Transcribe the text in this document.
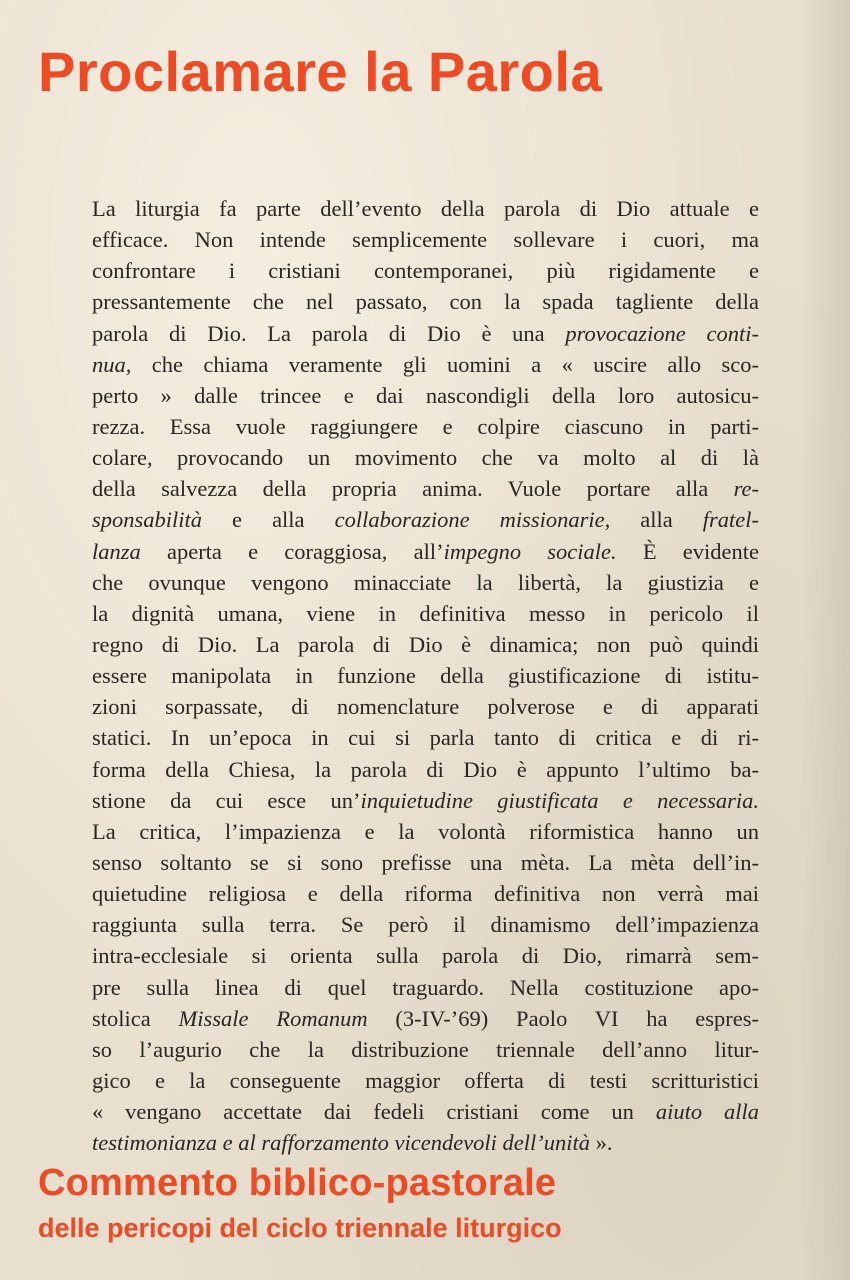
Proclamare la Parola
La liturgia fa parte dell’evento della parola di Dio attuale e
efficace. Non intende semplicemente sollevare i cuori, ma
confrontare i cristiani contemporanei, più rigidamente e
pressantemente che nel passato, con la spada tagliente della
parola di Dio. La parola di Dio è una provocazione conti-
nua, che chiama veramente gli uomini a « uscire allo sco-
perto » dalle trincee e dai nascondigli della loro autosicu-
rezza. Essa vuole raggiungere e colpire ciascuno in parti-
colare, provocando un movimento che va molto al di là
della salvezza della propria anima. Vuole portare alla re-
sponsabilità e alla collaborazione missionarie, alla fratel-
lanza aperta e coraggiosa, all’impegno sociale. È evidente
che ovunque vengono minacciate la libertà, la giustizia e
la dignità umana, viene in definitiva messo in pericolo il
regno di Dio. La parola di Dio è dinamica; non può quindi
essere manipolata in funzione della giustificazione di istitu-
zioni sorpassate, di nomenclature polverose e di apparati
statici. In un’epoca in cui si parla tanto di critica e di ri-
forma della Chiesa, la parola di Dio è appunto l’ultimo ba-
stione da cui esce un’inquietudine giustificata e necessaria.
La critica, l’impazienza e la volontà riformistica hanno un
senso soltanto se si sono prefisse una mèta. La mèta dell’in-
quietudine religiosa e della riforma definitiva non verrà mai
raggiunta sulla terra. Se però il dinamismo dell’impazienza
intra-ecclesiale si orienta sulla parola di Dio, rimarrà sem-
pre sulla linea di quel traguardo. Nella costituzione apo-
stolica Missale Romanum (3-IV-’69) Paolo VI ha espres-
so l’augurio che la distribuzione triennale dell’anno litur-
gico e la conseguente maggior offerta di testi scritturistici
« vengano accettate dai fedeli cristiani come un aiuto alla
testimonianza e al rafforzamento vicendevoli dell’unità ».
Commento biblico-pastorale
delle pericopi del ciclo triennale liturgico
